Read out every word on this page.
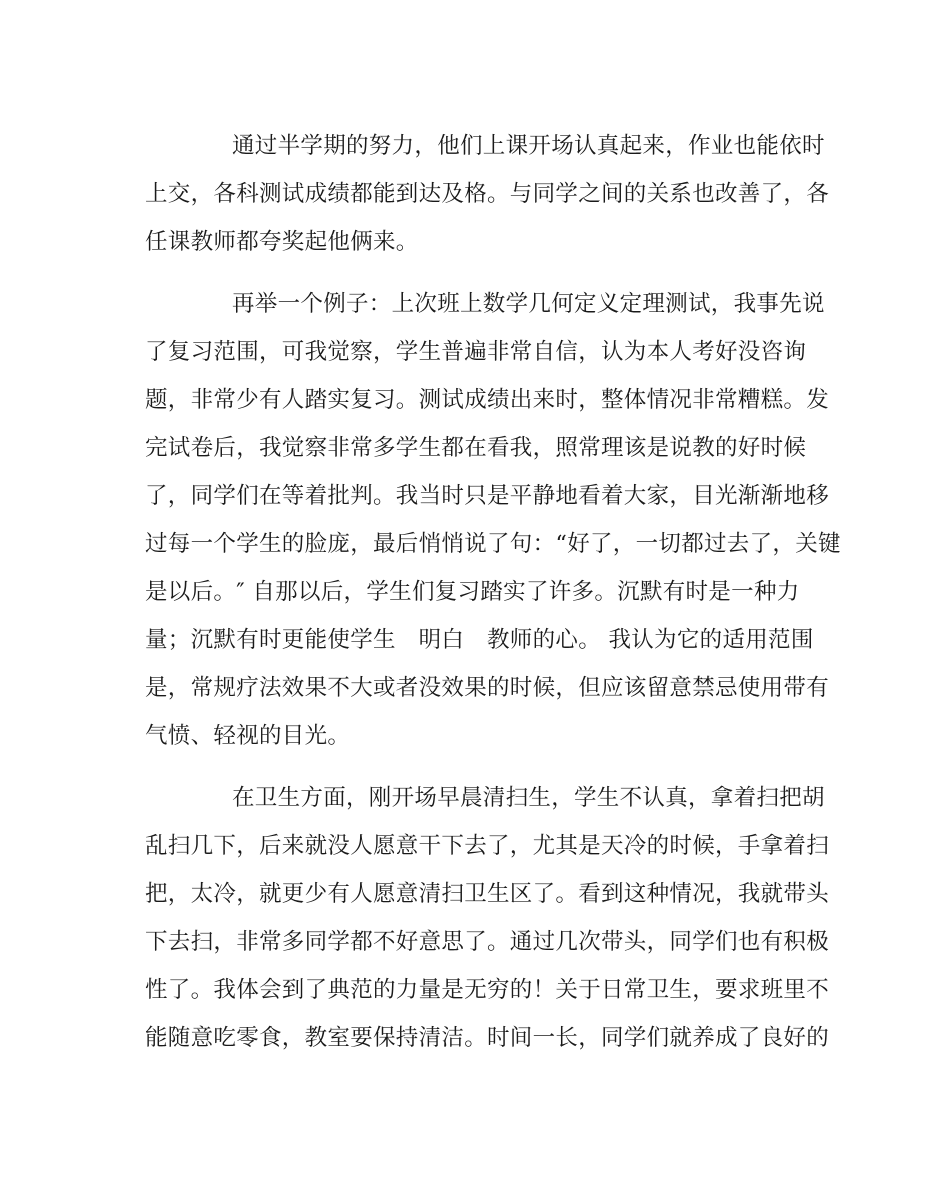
通过半学期的努力，他们上课开场认真起来，作业也能依时
上交，各科测试成绩都能到达及格。与同学之间的关系也改善了，各
任课教师都夸奖起他俩来。
再举一个例子：上次班上数学几何定义定理测试，我事先说
了复习范围，可我觉察，学生普遍非常自信，认为本人考好没咨询
题，非常少有人踏实复习。测试成绩出来时，整体情况非常糟糕。发
完试卷后，我觉察非常多学生都在看我，照常理该是说教的好时候
了，同学们在等着批判。我当时只是平静地看着大家，目光渐渐地移
过每一个学生的脸庞，最后悄悄说了句：“好了，一切都过去了，关键
是以后。″ 自那以后，学生们复习踏实了许多。沉默有时是一种力
量；沉默有时更能使学生　明白　教师的心。 我认为它的适用范围
是，常规疗法效果不大或者没效果的时候，但应该留意禁忌使用带有
气愤、轻视的目光。
在卫生方面，刚开场早晨清扫生，学生不认真，拿着扫把胡
乱扫几下，后来就没人愿意干下去了，尤其是天冷的时候，手拿着扫
把，太冷，就更少有人愿意清扫卫生区了。看到这种情况，我就带头
下去扫，非常多同学都不好意思了。通过几次带头，同学们也有积极
性了。我体会到了典范的力量是无穷的！关于日常卫生，要求班里不
能随意吃零食，教室要保持清洁。时间一长，同学们就养成了良好的
